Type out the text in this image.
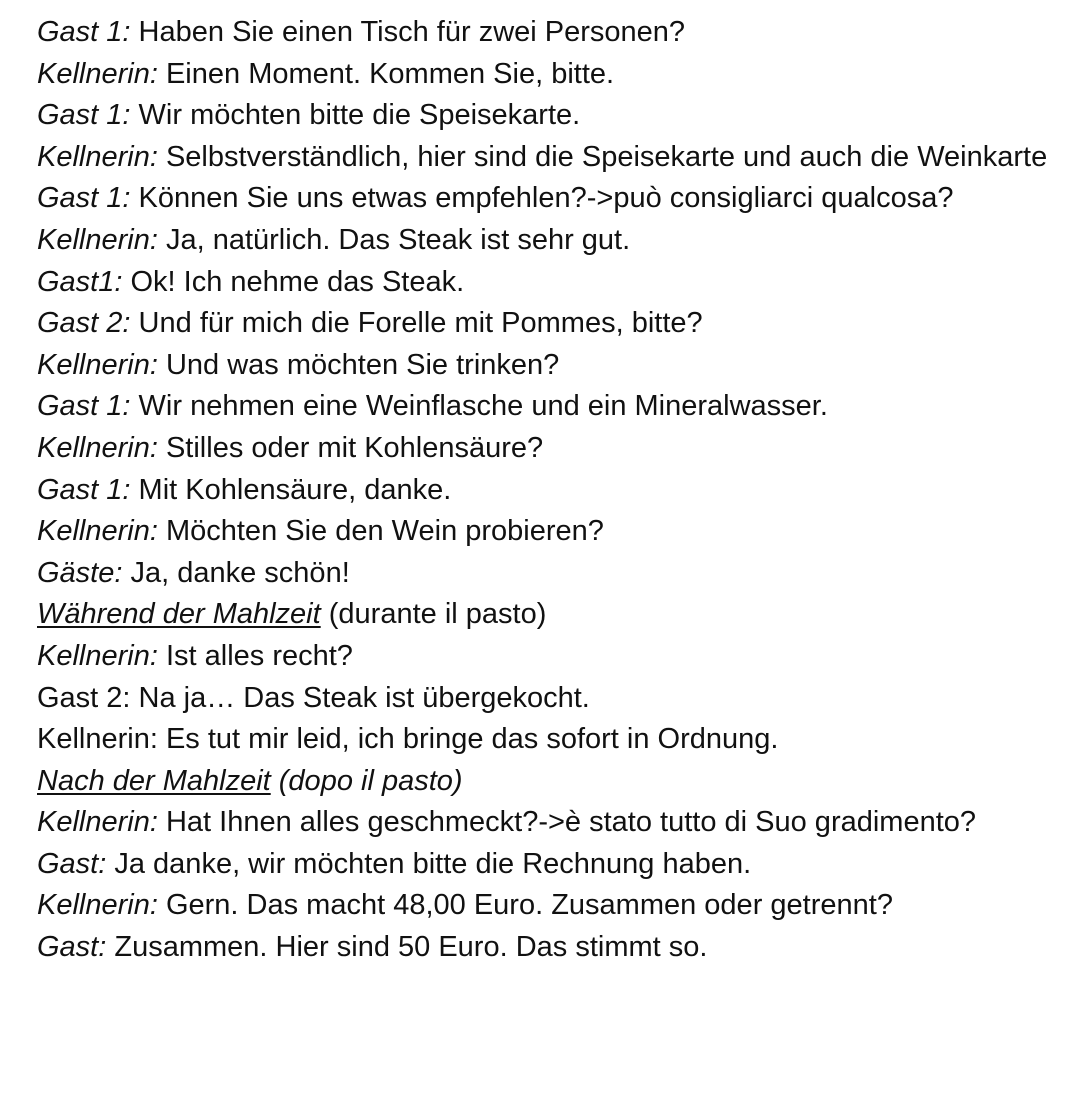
Gast 1: Haben Sie einen Tisch für zwei Personen?
Kellnerin: Einen Moment. Kommen Sie, bitte.
Gast 1: Wir möchten bitte die Speisekarte.
Kellnerin: Selbstverständlich, hier sind die Speisekarte und auch die Weinkarte
Gast 1: Können Sie uns etwas empfehlen?->può consigliarci qualcosa?
Kellnerin: Ja, natürlich. Das Steak ist sehr gut.
Gast1: Ok! Ich nehme das Steak.
Gast 2: Und für mich die Forelle mit Pommes, bitte?
Kellnerin: Und was möchten Sie trinken?
Gast 1: Wir nehmen eine Weinflasche und ein Mineralwasser.
Kellnerin: Stilles oder mit Kohlensäure?
Gast 1: Mit Kohlensäure, danke.
Kellnerin: Möchten Sie den Wein probieren?
Gäste: Ja, danke schön!
Während der Mahlzeit (durante il pasto)
Kellnerin: Ist alles recht?
Gast 2: Na ja… Das Steak ist übergekocht.
Kellnerin: Es tut mir leid, ich bringe das sofort in Ordnung.
Nach der Mahlzeit (dopo il pasto)
Kellnerin: Hat Ihnen alles geschmeckt?->è stato tutto di Suo gradimento?
Gast: Ja danke, wir möchten bitte die Rechnung haben.
Kellnerin: Gern. Das macht 48,00 Euro. Zusammen oder getrennt?
Gast: Zusammen. Hier sind 50 Euro. Das stimmt so.
